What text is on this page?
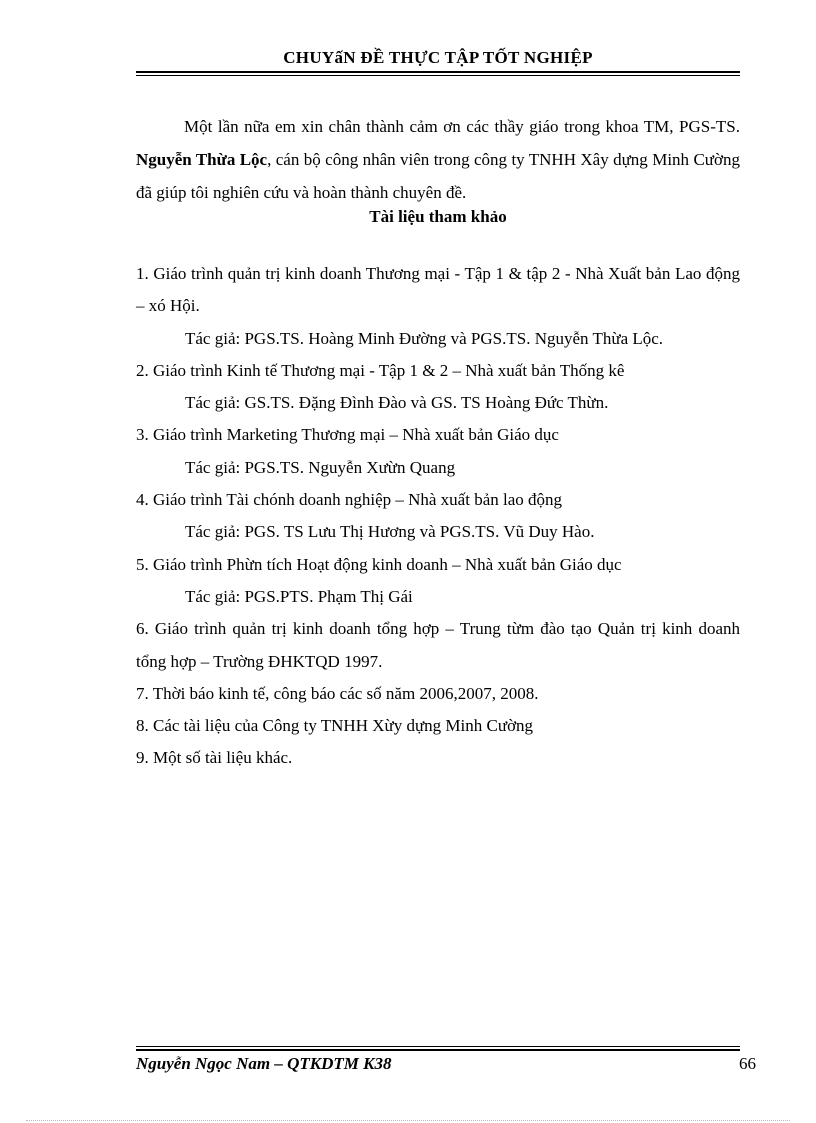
CHUYấN ĐỀ THỰC TẬP TỐT NGHIỆP

Một lần nữa em xin chân thành cảm ơn các thầy giáo trong khoa TM, PGS-TS. Nguyễn Thừa Lộc, cán bộ công nhân viên trong công ty TNHH Xây dựng Minh Cường đã giúp tôi nghiên cứu và hoàn thành chuyên đề.

Tài liệu tham khảo
1. Giáo trình quản trị kinh doanh Thương mại - Tập 1 & tập 2 - Nhà Xuất bản Lao động – xó Hội.
Tác giả: PGS.TS. Hoàng Minh Đường và PGS.TS. Nguyễn Thừa Lộc.
2. Giáo trình Kinh tế Thương mại - Tập 1 & 2 – Nhà xuất bản Thống kê
Tác giả: GS.TS. Đặng Đình Đào và GS. TS Hoàng Đức Thừn.
3. Giáo trình Marketing Thương mại – Nhà xuất bản Giáo dục
Tác giả: PGS.TS. Nguyễn Xưừn Quang
4. Giáo trình Tài chónh doanh nghiệp – Nhà xuất bản lao động
Tác giả: PGS. TS Lưu Thị Hương và PGS.TS. Vũ Duy Hào.
5. Giáo trình Phừn tích Hoạt động kinh doanh – Nhà xuất bản Giáo dục
Tác giả: PGS.PTS. Phạm Thị Gái
6. Giáo trình quản trị kinh doanh tổng hợp – Trung từm đào tạo Quản trị kinh doanh tổng hợp – Trường ĐHKTQD 1997.
7. Thời báo kinh tế, công báo các số năm 2006,2007, 2008.
8. Các tài liệu của Công ty TNHH Xừy dựng Minh Cường
9. Một số tài liệu khác.
Nguyễn Ngọc Nam – QTKDTM K38	66
